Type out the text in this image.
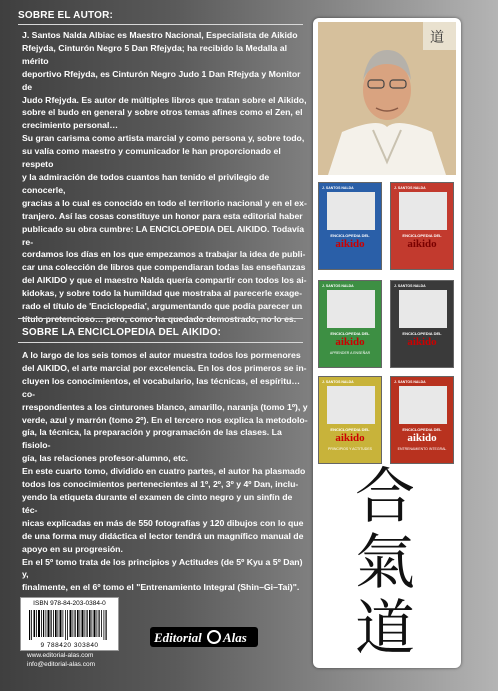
SOBRE EL AUTOR:
J. Santos Nalda Albiac es Maestro Nacional, Especialista de Aikido
Rfejyda, Cinturón Negro 5 Dan Rfejyda; ha recibido la Medalla al mérito
deportivo Rfejyda, es Cinturón Negro Judo 1 Dan Rfejyda y Monitor de
Judo Rfejyda. Es autor de múltiples libros que tratan sobre el Aikido,
sobre el budo en general y sobre otros temas afines como el Zen, el
crecimiento personal…
Su gran carisma como artista marcial y como persona y, sobre todo,
su valía como maestro y comunicador le han proporcionado el respeto
y la admiración de todos cuantos han tenido el privilegio de conocerle,
gracias a lo cual es conocido en todo el territorio nacional y en el ex-
tranjero. Así las cosas constituye un honor para esta editorial haber
publicado su obra cumbre: LA ENCICLOPEDIA DEL AIKIDO. Todavía re-
cordamos los días en los que empezamos a trabajar la idea de publi-
car una colección de libros que compendiaran todas las enseñanzas
del AIKIDO y que el maestro Nalda quería compartir con todos los ai-
kidokas, y sobre todo la humildad que mostraba al parecerle exage-
rado el título de 'Enciclopedia', argumentando que podía parecer un
SOBRE LA ENCICLOPEDIA DEL AIKIDO:
A lo largo de los seis tomos el autor muestra todos los pormenores
del AIKIDO, el arte marcial por excelencia. En los dos primeros se in-
cluyen los conocimientos, el vocabulario, las técnicas, el espíritu… co-
rrespondientes a los cinturones blanco, amarillo, naranja (tomo 1º), y
verde, azul y marrón (tomo 2º). En el tercero nos explica la metodolo-
gía, la técnica, la preparación y programación de las clases. La fisiolo-
gía, las relaciones profesor-alumno, etc.
En este cuarto tomo, dividido en cuatro partes, el autor ha plasmado
todos los conocimientos pertenecientes al 1º, 2º, 3º y 4º Dan, inclu-
yendo la etiqueta durante el examen de cinto negro y un sinfín de téc-
nicas explicadas en más de 550 fotografías y 120 dibujos con lo que
de una forma muy didáctica el lector tendrá un magnífico manual de
apoyo en su progresión.
En el 5º tomo trata de los principios y Actitudes (de 5º Kyu a 5º Dan) y,
finalmente, en el 6º tomo el "Entrenamiento Integral (Shin–Gi–Tai)".
ISBN 978-84-203-0384-0
9 788420 303840
www.editorial-alas.com
info@editorial-alas.com
Editorial Alas
道
J. SANTOS NALDA
ENCICLOPEDIA DEL
aikido
J. SANTOS NALDA
ENCICLOPEDIA DEL
aikido
J. SANTOS NALDA
ENCICLOPEDIA DEL
aikido
APRENDER A ENSEÑAR
J. SANTOS NALDA
ENCICLOPEDIA DEL
aikido
J. SANTOS NALDA
ENCICLOPEDIA DEL
aikido
PRINCIPIOS Y ACTITUDES
J. SANTOS NALDA
ENCICLOPEDIA DEL
aikido
ENTRENAMIENTO INTEGRAL
合
氣
道
